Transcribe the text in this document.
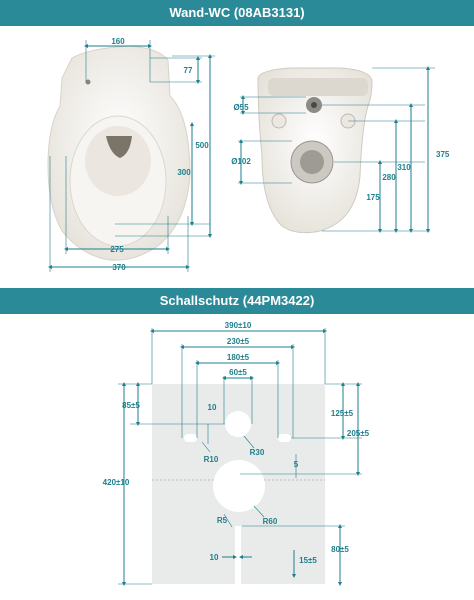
Wand-WC (08AB3131)
160
77
500
300
275
370
Ø55
Ø102
175
280
310
375
Schallschutz (44PM3422)
390±10
230±5
180±5
60±5
420±10
85±5
125±5
205±5
5
10
R10
R30
R5	R60
10
80±5
15±5
